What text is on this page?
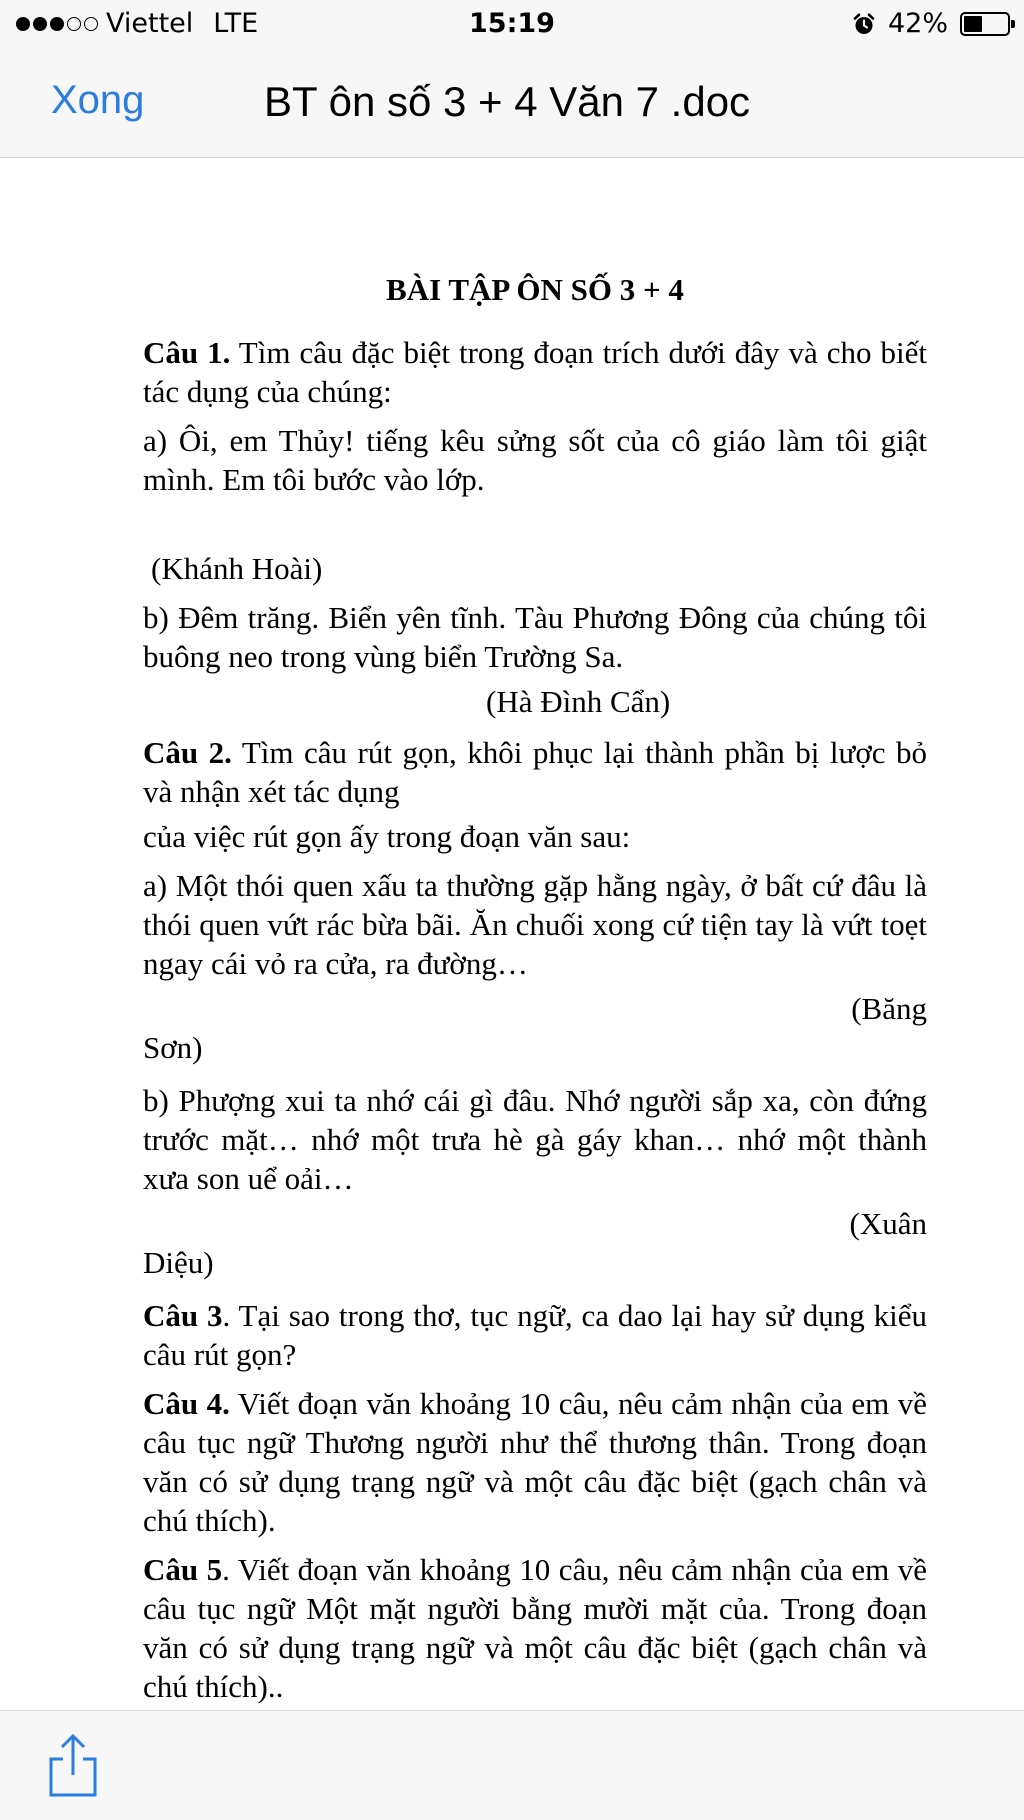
Viettel LTE	15:19	42%
Xong	BT ôn số 3 + 4 Văn 7 .doc
BÀI TẬP ÔN SỐ 3 + 4

Câu 1. Tìm câu đặc biệt trong đoạn trích dưới đây và cho biết tác dụng của chúng:

a) Ôi, em Thủy! tiếng kêu sửng sốt của cô giáo làm tôi giật mình. Em tôi bước vào lớp.

(Khánh Hoài)

b) Đêm trăng. Biển yên tĩnh. Tàu Phương Đông của chúng tôi buông neo trong vùng biển Trường Sa.

(Hà Đình Cẩn)

Câu 2. Tìm câu rút gọn, khôi phục lại thành phần bị lược bỏ và nhận xét tác dụng

của việc rút gọn ấy trong đoạn văn sau:

a) Một thói quen xấu ta thường gặp hằng ngày, ở bất cứ đâu là thói quen vứt rác bừa bãi. Ăn chuối xong cứ tiện tay là vứt toẹt ngay cái vỏ ra cửa, ra đường…

(Băng

Sơn)

b) Phượng xui ta nhớ cái gì đâu. Nhớ người sắp xa, còn đứng trước mặt… nhớ một trưa hè gà gáy khan… nhớ một thành xưa son uể oải…

(Xuân

Diệu)

Câu 3. Tại sao trong thơ, tục ngữ, ca dao lại hay sử dụng kiểu câu rút gọn?

Câu 4. Viết đoạn văn khoảng 10 câu, nêu cảm nhận của em về câu tục ngữ Thương người như thể thương thân. Trong đoạn văn có sử dụng trạng ngữ và một câu đặc biệt (gạch chân và chú thích).

Câu 5. Viết đoạn văn khoảng 10 câu, nêu cảm nhận của em về câu tục ngữ Một mặt người bằng mười mặt của. Trong đoạn văn có sử dụng trạng ngữ và một câu đặc biệt (gạch chân và chú thích)..
